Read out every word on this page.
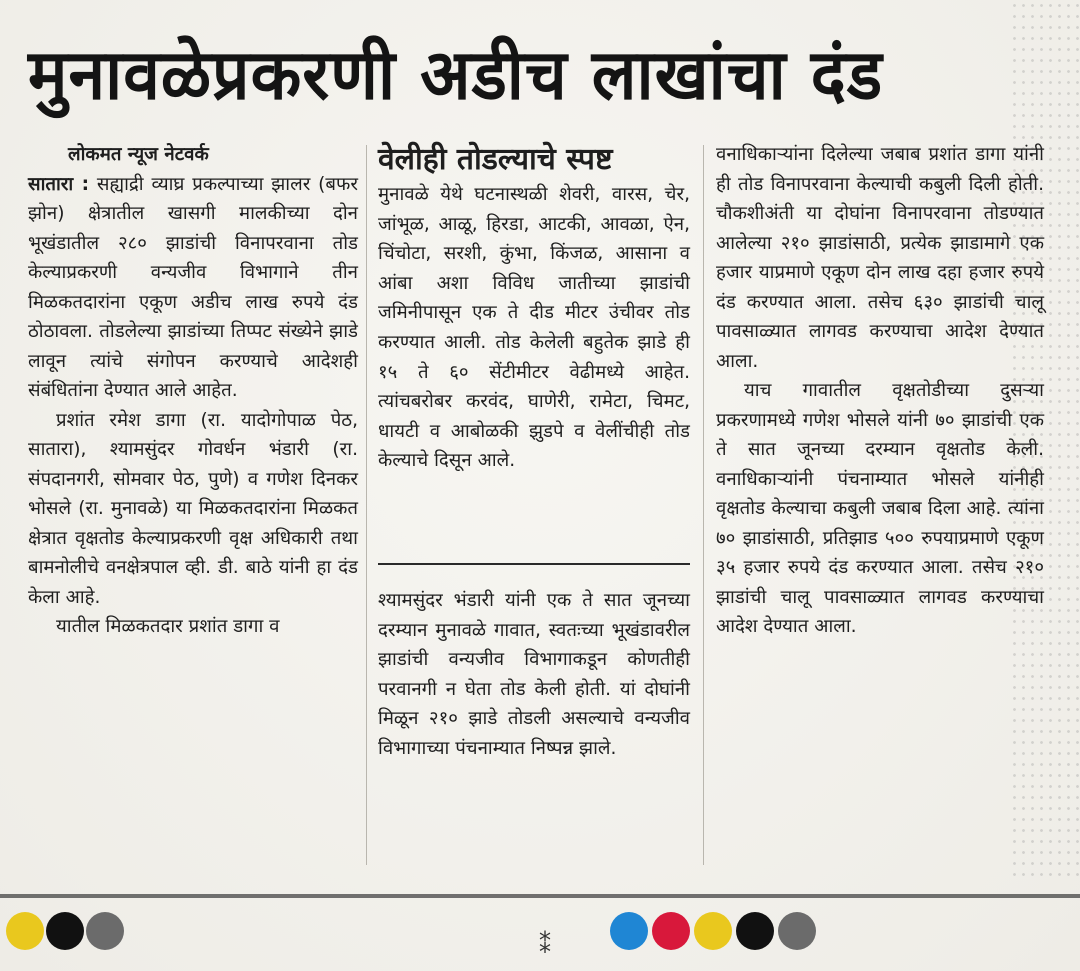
मुनावळेप्रकरणी अडीच लाखांचा दंड

लोकमत न्यूज नेटवर्क

सातारा : सह्याद्री व्याघ्र प्रकल्पाच्या झालर (बफर झोन) क्षेत्रातील खासगी मालकीच्या दोन भूखंडातील २८० झाडांची विनापरवाना तोड केल्याप्रकरणी वन्यजीव विभागाने तीन मिळकतदारांना एकूण अडीच लाख रुपये दंड ठोठावला. तोडलेल्या झाडांच्या तिप्पट संख्येने झाडे लावून त्यांचे संगोपन करण्याचे आदेशही संबंधितांना देण्यात आले आहेत.

प्रशांत रमेश डागा (रा. यादोगोपाळ पेठ, सातारा), श्यामसुंदर गोवर्धन भंडारी (रा. संपदानगरी, सोमवार पेठ, पुणे) व गणेश दिनकर भोसले (रा. मुनावळे) या मिळकतदारांना मिळकत क्षेत्रात वृक्षतोड केल्याप्रकरणी वृक्ष अधिकारी तथा बामनोलीचे वनक्षेत्रपाल व्ही. डी. बाठे यांनी हा दंड केला आहे.

यातील मिळकतदार प्रशांत डागा व

वेलीही तोडल्याचे स्पष्ट

मुनावळे येथे घटनास्थळी शेवरी, वारस, चेर, जांभूळ, आळू, हिरडा, आटकी, आवळा, ऐन, चिंचोटा, सरशी, कुंभा, किंजळ, आसाना व आंबा अशा विविध जातीच्या झाडांची जमिनीपासून एक ते दीड मीटर उंचीवर तोड करण्यात आली. तोड केलेली बहुतेक झाडे ही १५ ते ६० सेंटीमीटर वेढीमध्ये आहेत. त्यांचबरोबर करवंद, घाणेरी, रामेटा, चिमट, धायटी व आबोळकी झुडपे व वेलींचीही तोड केल्याचे दिसून आले.

श्यामसुंदर भंडारी यांनी एक ते सात जूनच्या दरम्यान मुनावळे गावात, स्वतःच्या भूखंडावरील झाडांची वन्यजीव विभागाकडून कोणतीही परवानगी न घेता तोड केली होती. यां दोघांनी मिळून २१० झाडे तोडली असल्याचे वन्यजीव विभागाच्या पंचनाम्यात निष्पन्न झाले.

वनाधिकाऱ्यांना दिलेल्या जबाब प्रशांत डागा यांनी ही तोड विनापरवाना केल्याची कबुली दिली होती. चौकशीअंती या दोघांना विनापरवाना तोडण्यात आलेल्या २१० झाडांसाठी, प्रत्येक झाडामागे एक हजार याप्रमाणे एकूण दोन लाख दहा हजार रुपये दंड करण्यात आला. तसेच ६३० झाडांची चालू पावसाळ्यात लागवड करण्याचा आदेश देण्यात आला.

याच गावातील वृक्षतोडीच्या दुसऱ्या प्रकरणामध्ये गणेश भोसले यांनी ७० झाडांची एक ते सात जूनच्या दरम्यान वृक्षतोड केली. वनाधिकाऱ्यांनी पंचनाम्यात भोसले यांनीही वृक्षतोड केल्याचा कबुली जबाब दिला आहे. त्यांना ७० झाडांसाठी, प्रतिझाड ५०० रुपयाप्रमाणे एकूण ३५ हजार रुपये दंड करण्यात आला. तसेच २१० झाडांची चालू पावसाळ्यात लागवड करण्याचा आदेश देण्यात आला.

⁑
